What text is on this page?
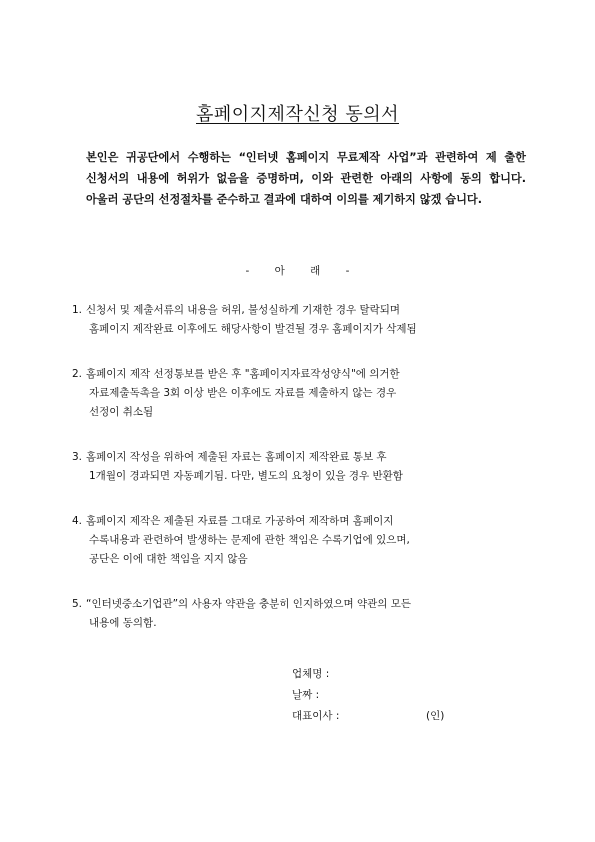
홈페이지제작신청 동의서
본인은 귀공단에서 수행하는 “인터넷 홈페이지 무료제작 사업”과 관련하여 제 출한 신청서의 내용에 허위가 없음을 증명하며, 이와 관련한 아래의 사항에 동의 합니다. 아울러 공단의 선정절차를 준수하고 결과에 대하여 이의를 제기하지 않겠 습니다.
- 아 래 -
1. 신청서 및 제출서류의 내용을 허위, 불성실하게 기재한 경우 탈락되며
홈페이지 제작완료 이후에도 해당사항이 발견될 경우 홈페이지가 삭제됨
2. 홈페이지 제작 선정통보를 받은 후 "홈페이지자료작성양식"에 의거한
자료제출독촉을 3회 이상 받은 이후에도 자료를 제출하지 않는 경우
선정이 취소됨
3. 홈페이지 작성을 위하여 제출된 자료는 홈페이지 제작완료 통보 후
1개월이 경과되면 자동폐기됨. 다만, 별도의 요청이 있을 경우 반환함
4. 홈페이지 제작은 제출된 자료를 그대로 가공하여 제작하며 홈페이지
수록내용과 관련하여 발생하는 문제에 관한 책임은 수록기업에 있으며,
공단은 이에 대한 책임을 지지 않음
5. “인터넷중소기업관”의 사용자 약관을 충분히 인지하였으며 약관의 모든
내용에 동의함.
업체명 :
날짜 :
대표이사 :	(인)
